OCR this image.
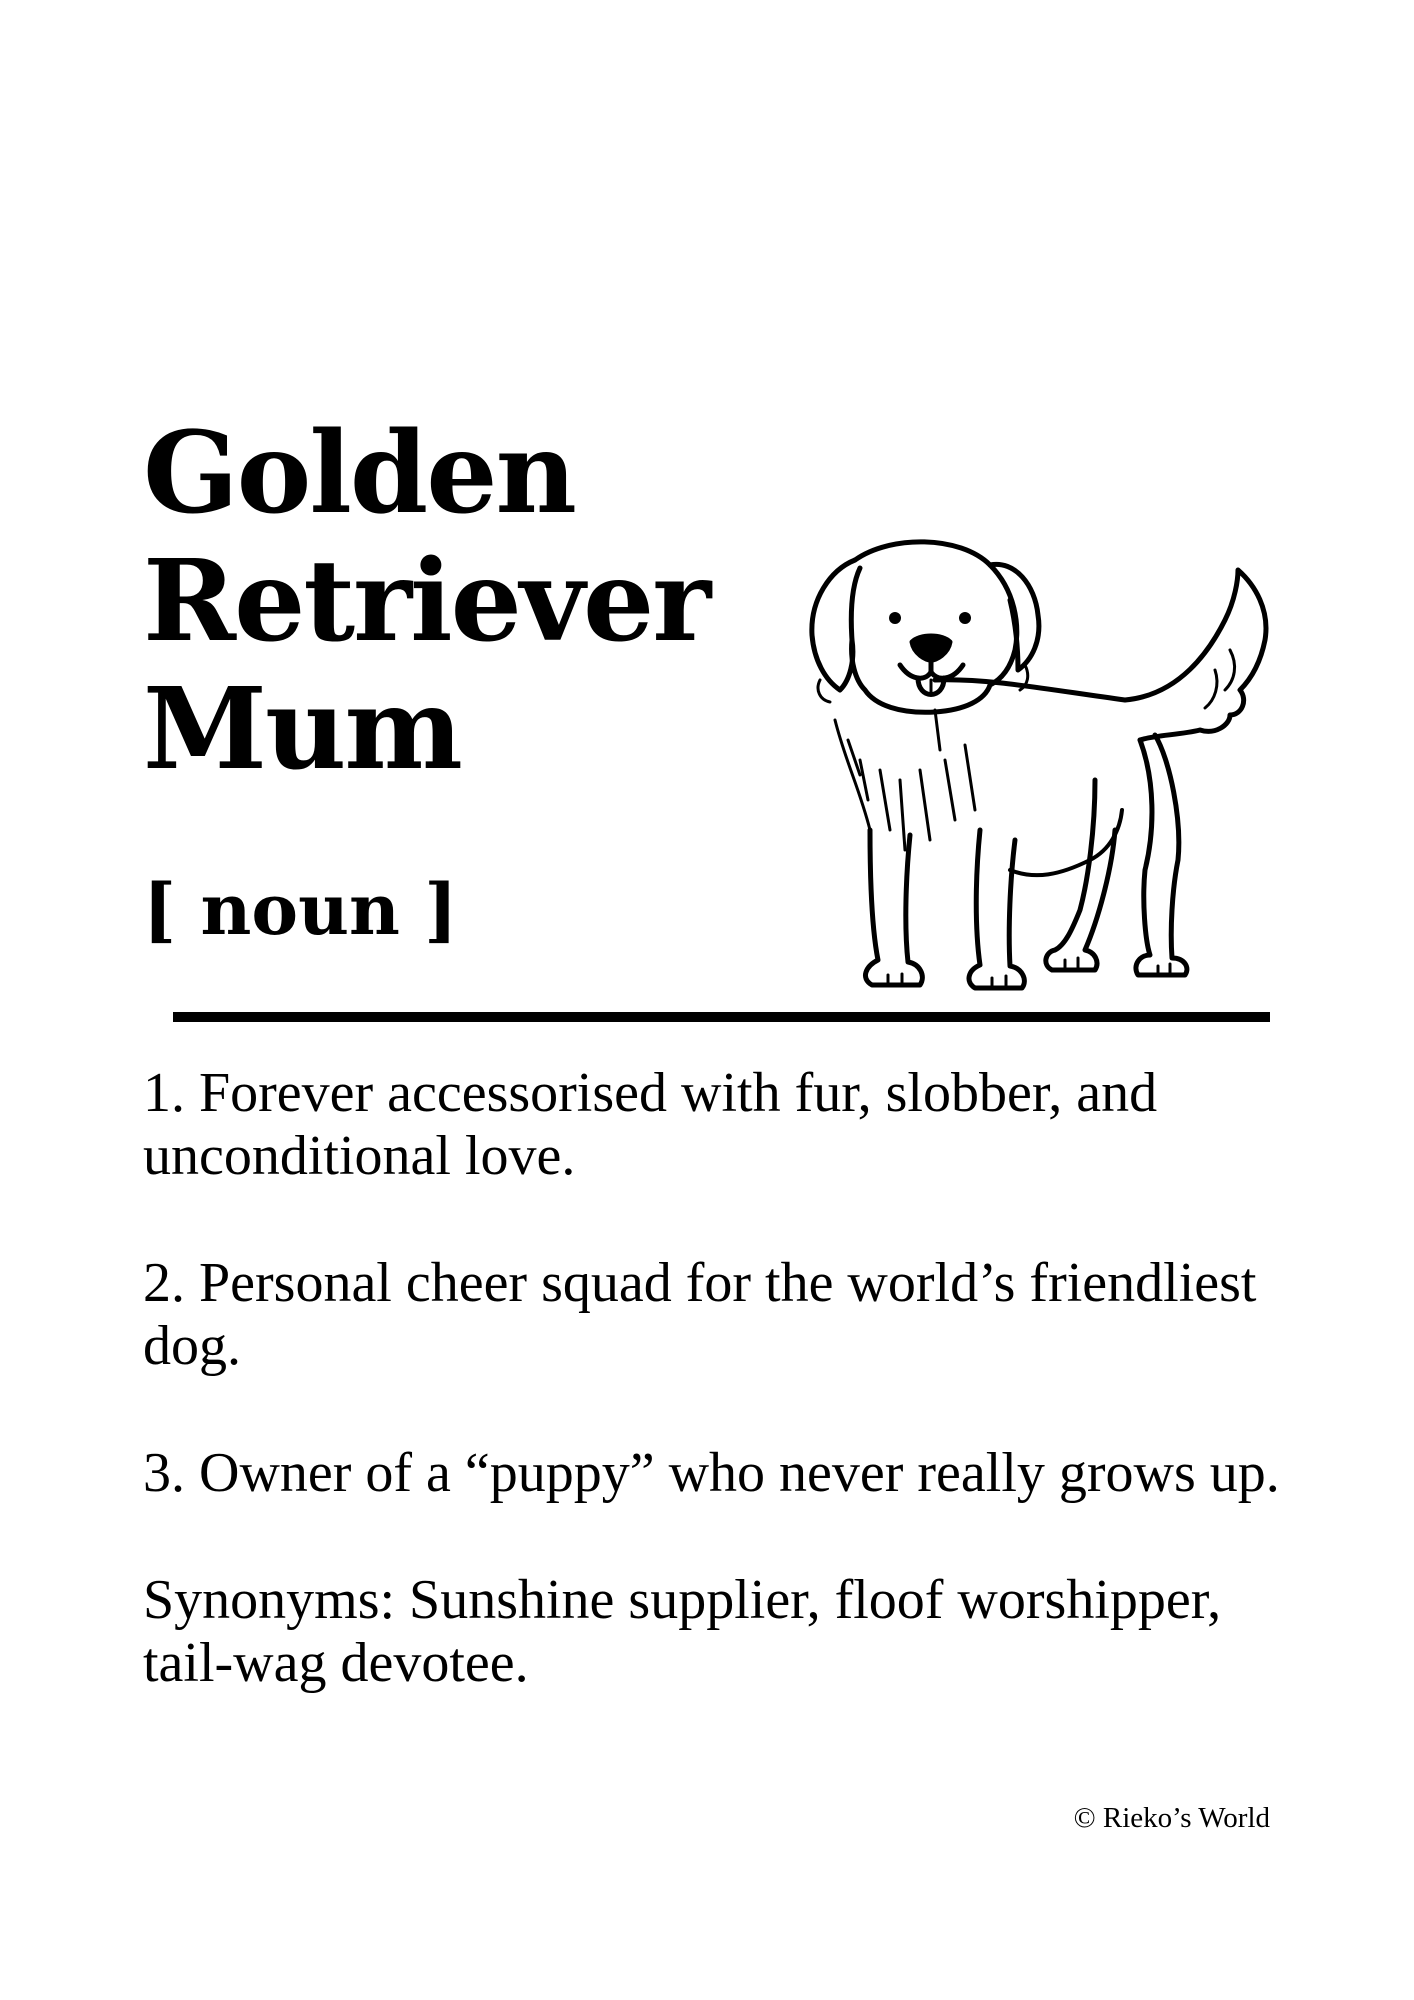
Golden
Retriever
Mum
[ noun ]

1. Forever accessorised with fur, slobber, and unconditional love.

2. Personal cheer squad for the world’s friendliest dog.

3. Owner of a “puppy” who never really grows up.

Synonyms: Sunshine supplier, floof worshipper, tail-wag devotee.

© Rieko’s World
